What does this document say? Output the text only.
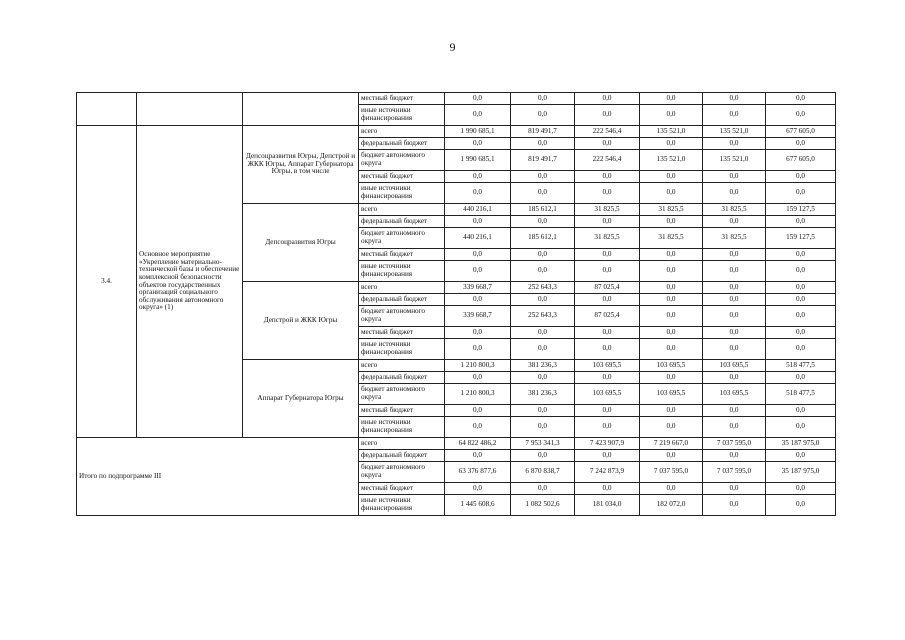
9
			местный бюджет	0,0	0,0	0,0	0,0	0,0	0,0
			иные источники финансирования	0,0	0,0	0,0	0,0	0,0	0,0
3.4.	Основное мероприятие «Укрепление материально-технической базы и обеспечение комплексной безопасности объектов государственных организаций социального обслуживания автономного округа» (1)	Депсоцразвития Югры, Депстрой и ЖКК Югры, Аппарат Губернатора Югры, в том числе	всего	1 990 685,1	819 491,7	222 546,4	135 521,0	135 521,0	677 605,0
			федеральный бюджет	0,0	0,0	0,0	0,0	0,0	0,0
			бюджет автономного округа	1 990 685,1	819 491,7	222 546,4	135 521,0	135 521,0	677 605,0
			местный бюджет	0,0	0,0	0,0	0,0	0,0	0,0
			иные источники финансирования	0,0	0,0	0,0	0,0	0,0	0,0
		Депсоцразвития Югры	всего	440 216,1	185 612,1	31 825,5	31 825,5	31 825,5	159 127,5
			федеральный бюджет	0,0	0,0	0,0	0,0	0,0	0,0
			бюджет автономного округа	440 216,1	185 612,1	31 825,5	31 825,5	31 825,5	159 127,5
			местный бюджет	0,0	0,0	0,0	0,0	0,0	0,0
			иные источники финансирования	0,0	0,0	0,0	0,0	0,0	0,0
		Депстрой и ЖКК Югры	всего	339 668,7	252 643,3	87 025,4	0,0	0,0	0,0
			федеральный бюджет	0,0	0,0	0,0	0,0	0,0	0,0
			бюджет автономного округа	339 668,7	252 643,3	87 025,4	0,0	0,0	0,0
			местный бюджет	0,0	0,0	0,0	0,0	0,0	0,0
			иные источники финансирования	0,0	0,0	0,0	0,0	0,0	0,0
		Аппарат Губернатора Югры	всего	1 210 800,3	381 236,3	103 695,5	103 695,5	103 695,5	518 477,5
			федеральный бюджет	0,0	0,0	0,0	0,0	0,0	0,0
			бюджет автономного округа	1 210 800,3	381 236,3	103 695,5	103 695,5	103 695,5	518 477,5
			местный бюджет	0,0	0,0	0,0	0,0	0,0	0,0
			иные источники финансирования	0,0	0,0	0,0	0,0	0,0	0,0
Итого по подпрограмме III			всего	64 822 486,2	7 953 341,3	7 423 907,9	7 219 667,0	7 037 595,0	35 187 975,0
			федеральный бюджет	0,0	0,0	0,0	0,0	0,0	0,0
			бюджет автономного округа	63 376 877,6	6 870 838,7	7 242 873,9	7 037 595,0	7 037 595,0	35 187 975,0
			местный бюджет	0,0	0,0	0,0	0,0	0,0	0,0
			иные источники финансирования	1 445 608,6	1 082 502,6	181 034,0	182 072,0	0,0	0,0
